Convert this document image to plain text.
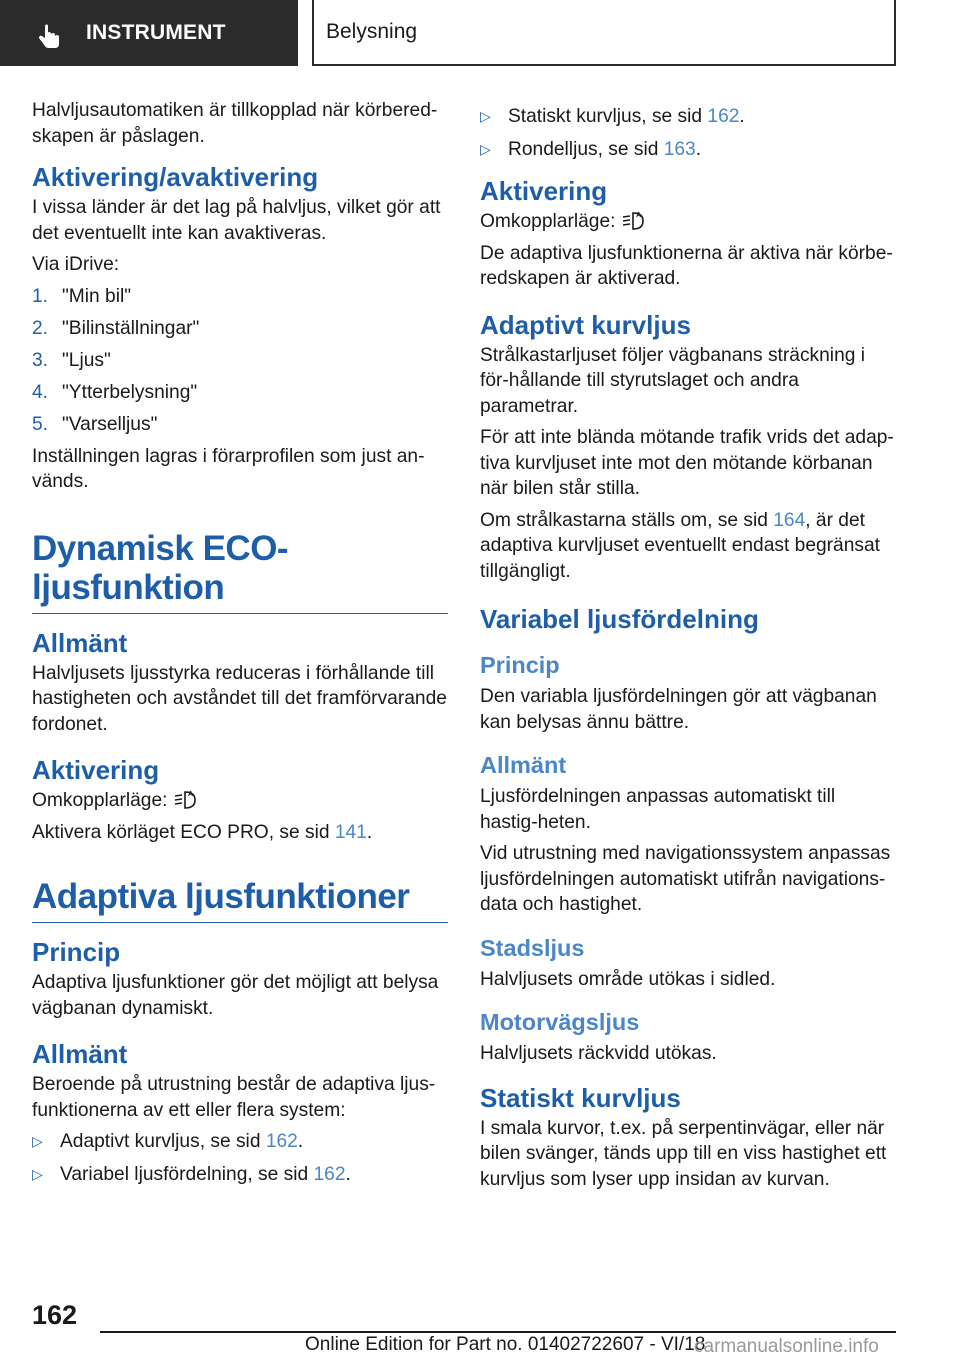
INSTRUMENT	Belysning

Halvljusautomatiken är tillkopplad när körbered-skapen är påslagen.

Aktivering/avaktivering

I vissa länder är det lag på halvljus, vilket gör att det eventuellt inte kan avaktiveras.

Via iDrive:

1. "Min bil"
2. "Bilinställningar"
3. "Ljus"
4. "Ytterbelysning"
5. "Varselljus"

Inställningen lagras i förarprofilen som just an-vänds.

Dynamisk ECO-ljusfunktion
Allmänt

Halvljusets ljusstyrka reduceras i förhållande till hastigheten och avståndet till det framförvarande fordonet.

Aktivering

Omkopplarläge:	A

Aktivera körläget ECO PRO, se sid 141.

Adaptiva ljusfunktioner
Princip

Adaptiva ljusfunktioner gör det möjligt att belysa vägbanan dynamiskt.

Allmänt

Beroende på utrustning består de adaptiva ljus-funktionerna av ett eller flera system:

▷ Adaptivt kurvljus, se sid 162.
▷ Variabel ljusfördelning, se sid 162.
▷ Statiskt kurvljus, se sid 162.
▷ Rondelljus, se sid 163.
Aktivering

Omkopplarläge:	A

De adaptiva ljusfunktionerna är aktiva när körbe-redskapen är aktiverad.

Adaptivt kurvljus

Strålkastarljuset följer vägbanans sträckning i för-hållande till styrutslaget och andra parametrar.

För att inte blända mötande trafik vrids det adap-tiva kurvljuset inte mot den mötande körbanan när bilen står stilla.

Om strålkastarna ställs om, se sid 164, är det adaptiva kurvljuset eventuellt endast begränsat tillgängligt.

Variabel ljusfördelning
Princip

Den variabla ljusfördelningen gör att vägbanan kan belysas ännu bättre.

Allmänt

Ljusfördelningen anpassas automatiskt till hastig-heten.

Vid utrustning med navigationssystem anpassas ljusfördelningen automatiskt utifrån navigations-data och hastighet.

Stadsljus

Halvljusets område utökas i sidled.

Motorvägsljus

Halvljusets räckvidd utökas.

Statiskt kurvljus

I smala kurvor, t.ex. på serpentinvägar, eller när bilen svänger, tänds upp till en viss hastighet ett kurvljus som lyser upp insidan av kurvan.

162
Online Edition for Part no. 01402722607 - VI/18
carmanualsonline.info
